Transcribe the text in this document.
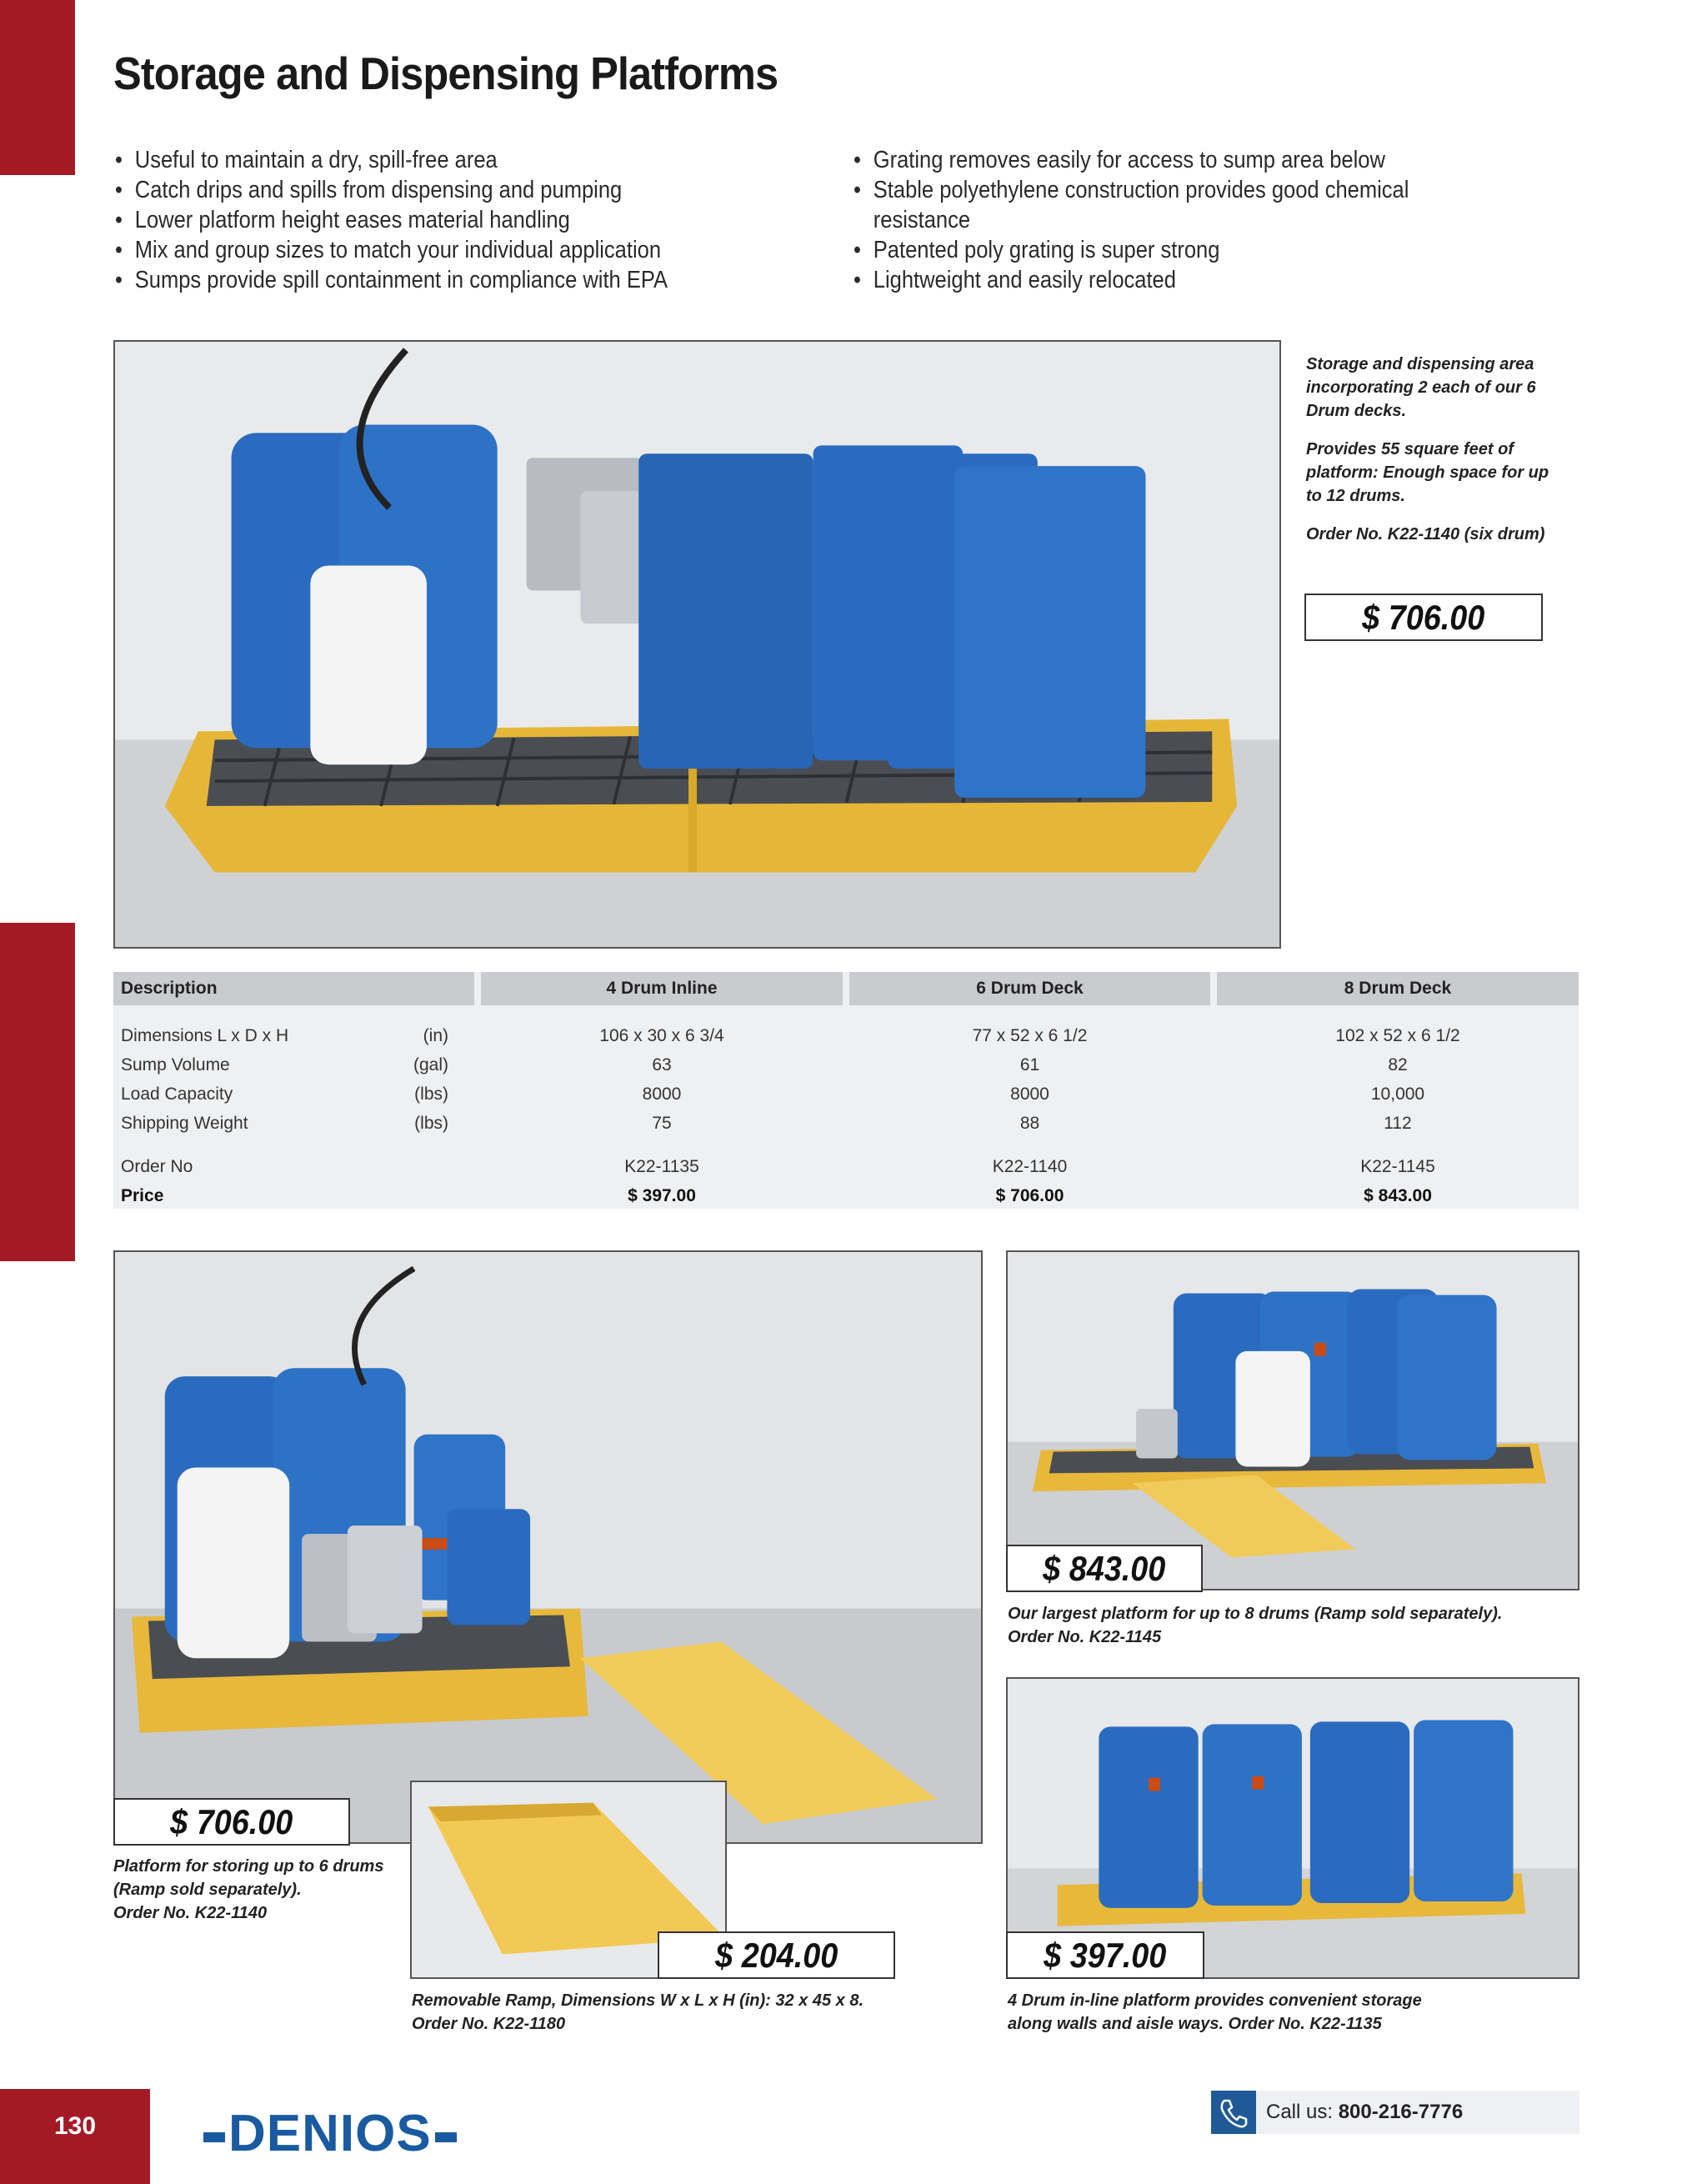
Storage and Dispensing Platforms
• Useful to maintain a dry, spill-free area
• Catch drips and spills from dispensing and pumping
• Lower platform height eases material handling
• Mix and group sizes to match your individual application
• Sumps provide spill containment in compliance with EPA
• Grating removes easily for access to sump area below
• Stable polyethylene construction provides good chemical resistance
• Patented poly grating is super strong
• Lightweight and easily relocated

Storage and dispensing area incorporating 2 each of our 6 Drum decks.

Provides 55 square feet of platform: Enough space for up to 12 drums.

Order No. K22-1140 (six drum)

$ 706.00
Description	4 Drum Inline	6 Drum Deck	8 Drum Deck
Dimensions L x D x H	(in)	106 x 30 x 6 3/4	77 x 52 x 6 1/2	102 x 52 x 6 1/2
Sump Volume	(gal)	63	61	82
Load Capacity	(lbs)	8000	8000	10,000
Shipping Weight	(lbs)	75	88	112
Order No	K22-1135	K22-1140	K22-1145
Price	$ 397.00	$ 706.00	$ 843.00
$ 706.00
Platform for storing up to 6 drums
(Ramp sold separately).
Order No. K22-1140
$ 204.00
Removable Ramp, Dimensions W x L x H (in): 32 x 45 x 8.
Order No. K22-1180
$ 843.00
Our largest platform for up to 8 drums (Ramp sold separately).
Order No. K22-1145
$ 397.00
4 Drum in-line platform provides convenient storage
along walls and aisle ways. Order No. K22-1135
130	DENIOS	Call us: 800-216-7776
